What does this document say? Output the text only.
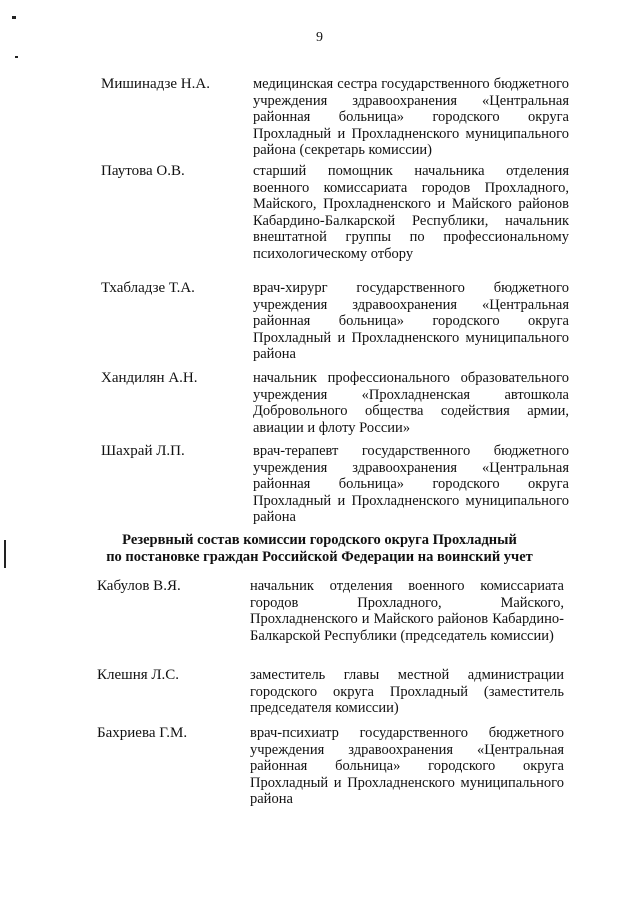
9
Мишинадзе Н.А.	медицинская сестра государственного бюджетного учреждения здравоохранения «Центральная районная больница» городского округа Прохладный и Прохладненского муниципального района (секретарь комиссии)
Паутова О.В.	старший помощник начальника отделения военного комиссариата городов Прохладного, Майского, Прохладненского и Майского районов Кабардино-Балкарской Республики, начальник внештатной группы по профессиональному психологическому отбору
Тхабладзе Т.А.	врач-хирург государственного бюджетного учреждения здравоохранения «Центральная районная больница» городского округа Прохладный и Прохладненского муниципального района
Хандилян А.Н.	начальник профессионального образовательного учреждения «Прохладненская автошкола Добровольного общества содействия армии, авиации и флоту России»
Шахрай Л.П.	врач-терапевт государственного бюджетного учреждения здравоохранения «Центральная районная больница» городского округа Прохладный и Прохладненского муниципального района
Резервный состав комиссии городского округа Прохладный
по постановке граждан Российской Федерации на воинский учет
Кабулов В.Я.	начальник отделения военного комиссариата городов Прохладного, Майского, Прохладненского и Майского районов Кабардино-Балкарской Республики (председатель комиссии)
Клешня Л.С.	заместитель главы местной администрации городского округа Прохладный (заместитель председателя комиссии)
Бахриева Г.М.	врач-психиатр государственного бюджетного учреждения здравоохранения «Центральная районная больница» городского округа Прохладный и Прохладненского муниципального района
